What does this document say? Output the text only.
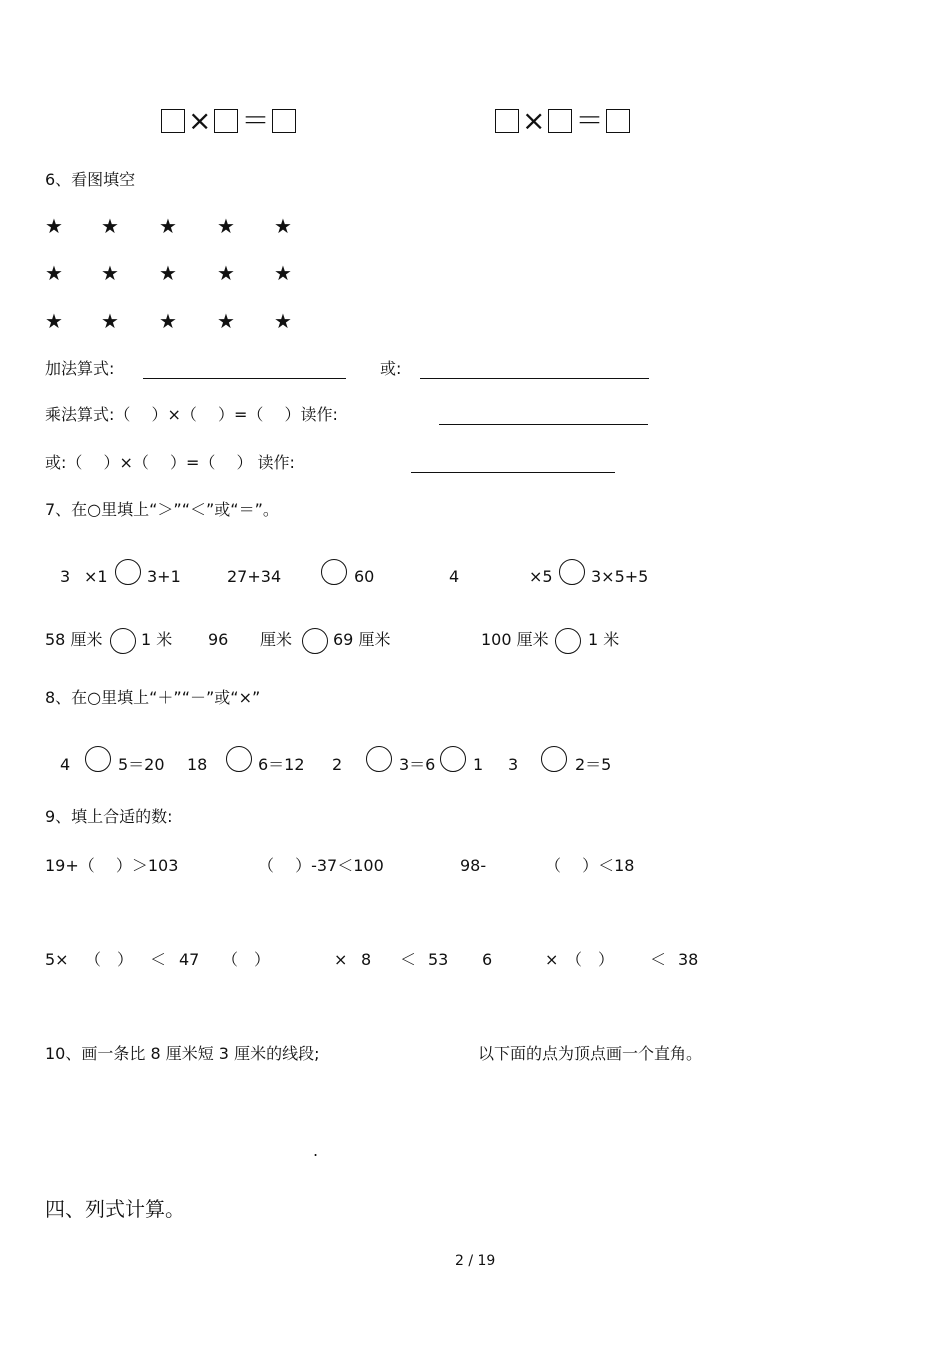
× ＝	× ＝
6、看图填空
★ ★ ★ ★ ★
★ ★ ★ ★ ★
★ ★ ★ ★ ★
加法算式:	或:
乘法算式:（　 ）×（　 ）=（　 ）读作:
或:（　 ）×（　 ）=（　 ） 读作:
7、在○里填上“＞”“＜”或“＝”。
3 ×1 3+1	27+34	60	4	×5 3×5+5
58 厘米 1 米 96 厘米	69 厘米	100 厘米 1 米
8、在○里填上“＋”“－”或“×”
4	5＝20 18	6＝12 2	3＝6 1 3	2＝5
9、填上合适的数:
19+（　 ）＞103	（　 ）-37＜100	98-	（　 ）＜18
5× （　） ＜ 47 （　）	× 8 ＜ 53 6	× （　） ＜ 38
10、画一条比 8 厘米短 3 厘米的线段;	以下面的点为顶点画一个直角。
.
四、列式计算。
2 / 19
